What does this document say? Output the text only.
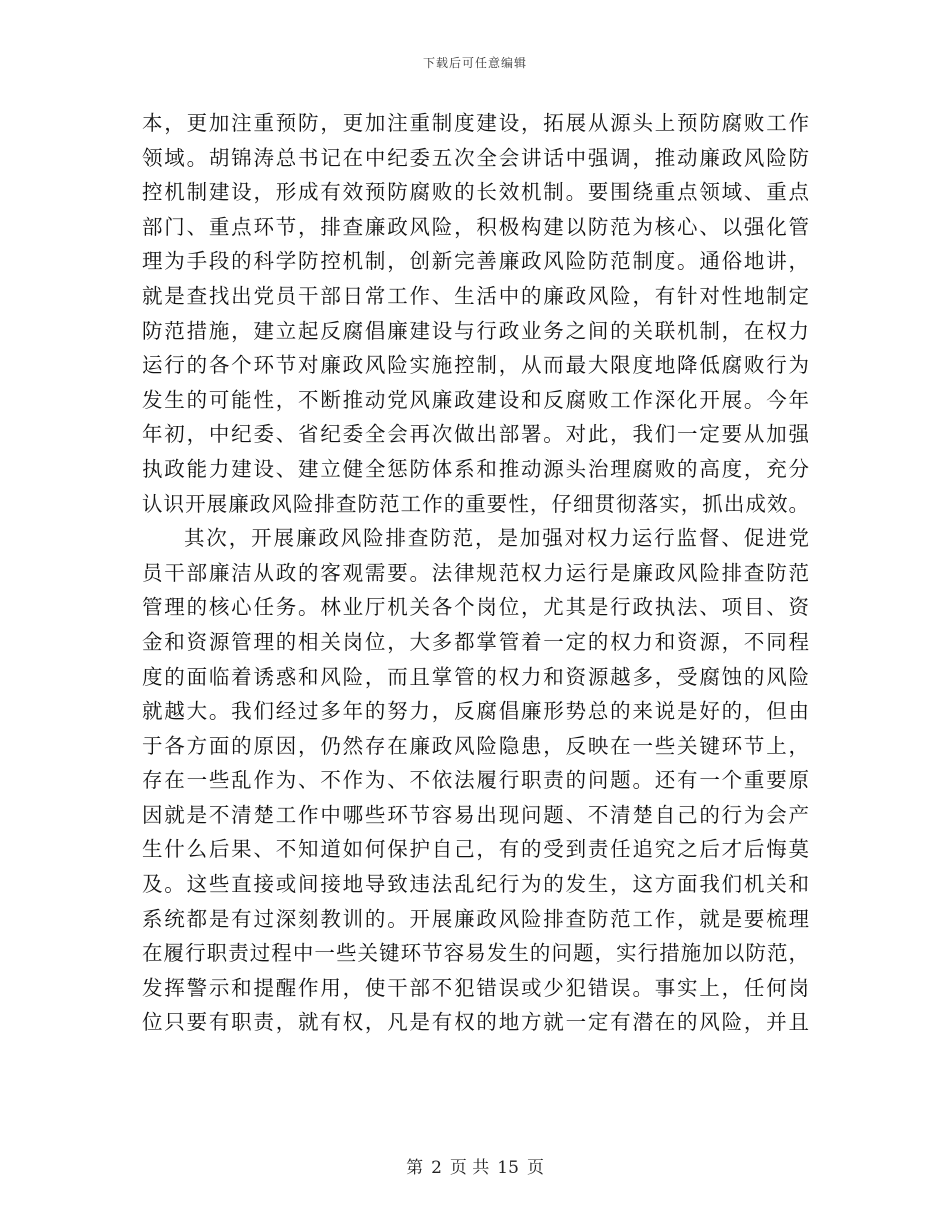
下载后可任意编辑
本，更加注重预防，更加注重制度建设，拓展从源头上预防腐败工作
领域。胡锦涛总书记在中纪委五次全会讲话中强调，推动廉政风险防
控机制建设，形成有效预防腐败的长效机制。要围绕重点领域、重点
部门、重点环节，排查廉政风险，积极构建以防范为核心、以强化管
理为手段的科学防控机制，创新完善廉政风险防范制度。通俗地讲，
就是查找出党员干部日常工作、生活中的廉政风险，有针对性地制定
防范措施，建立起反腐倡廉建设与行政业务之间的关联机制，在权力
运行的各个环节对廉政风险实施控制，从而最大限度地降低腐败行为
发生的可能性，不断推动党风廉政建设和反腐败工作深化开展。今年
年初，中纪委、省纪委全会再次做出部署。对此，我们一定要从加强
执政能力建设、建立健全惩防体系和推动源头治理腐败的高度，充分
认识开展廉政风险排查防范工作的重要性，仔细贯彻落实，抓出成效。
其次，开展廉政风险排查防范，是加强对权力运行监督、促进党
员干部廉洁从政的客观需要。法律规范权力运行是廉政风险排查防范
管理的核心任务。林业厅机关各个岗位，尤其是行政执法、项目、资
金和资源管理的相关岗位，大多都掌管着一定的权力和资源，不同程
度的面临着诱惑和风险，而且掌管的权力和资源越多，受腐蚀的风险
就越大。我们经过多年的努力，反腐倡廉形势总的来说是好的，但由
于各方面的原因，仍然存在廉政风险隐患，反映在一些关键环节上，
存在一些乱作为、不作为、不依法履行职责的问题。还有一个重要原
因就是不清楚工作中哪些环节容易出现问题、不清楚自己的行为会产
生什么后果、不知道如何保护自己，有的受到责任追究之后才后悔莫
及。这些直接或间接地导致违法乱纪行为的发生，这方面我们机关和
系统都是有过深刻教训的。开展廉政风险排查防范工作，就是要梳理
在履行职责过程中一些关键环节容易发生的问题，实行措施加以防范，
发挥警示和提醒作用，使干部不犯错误或少犯错误。事实上，任何岗
位只要有职责，就有权，凡是有权的地方就一定有潜在的风险，并且
第 2 页 共 15 页
